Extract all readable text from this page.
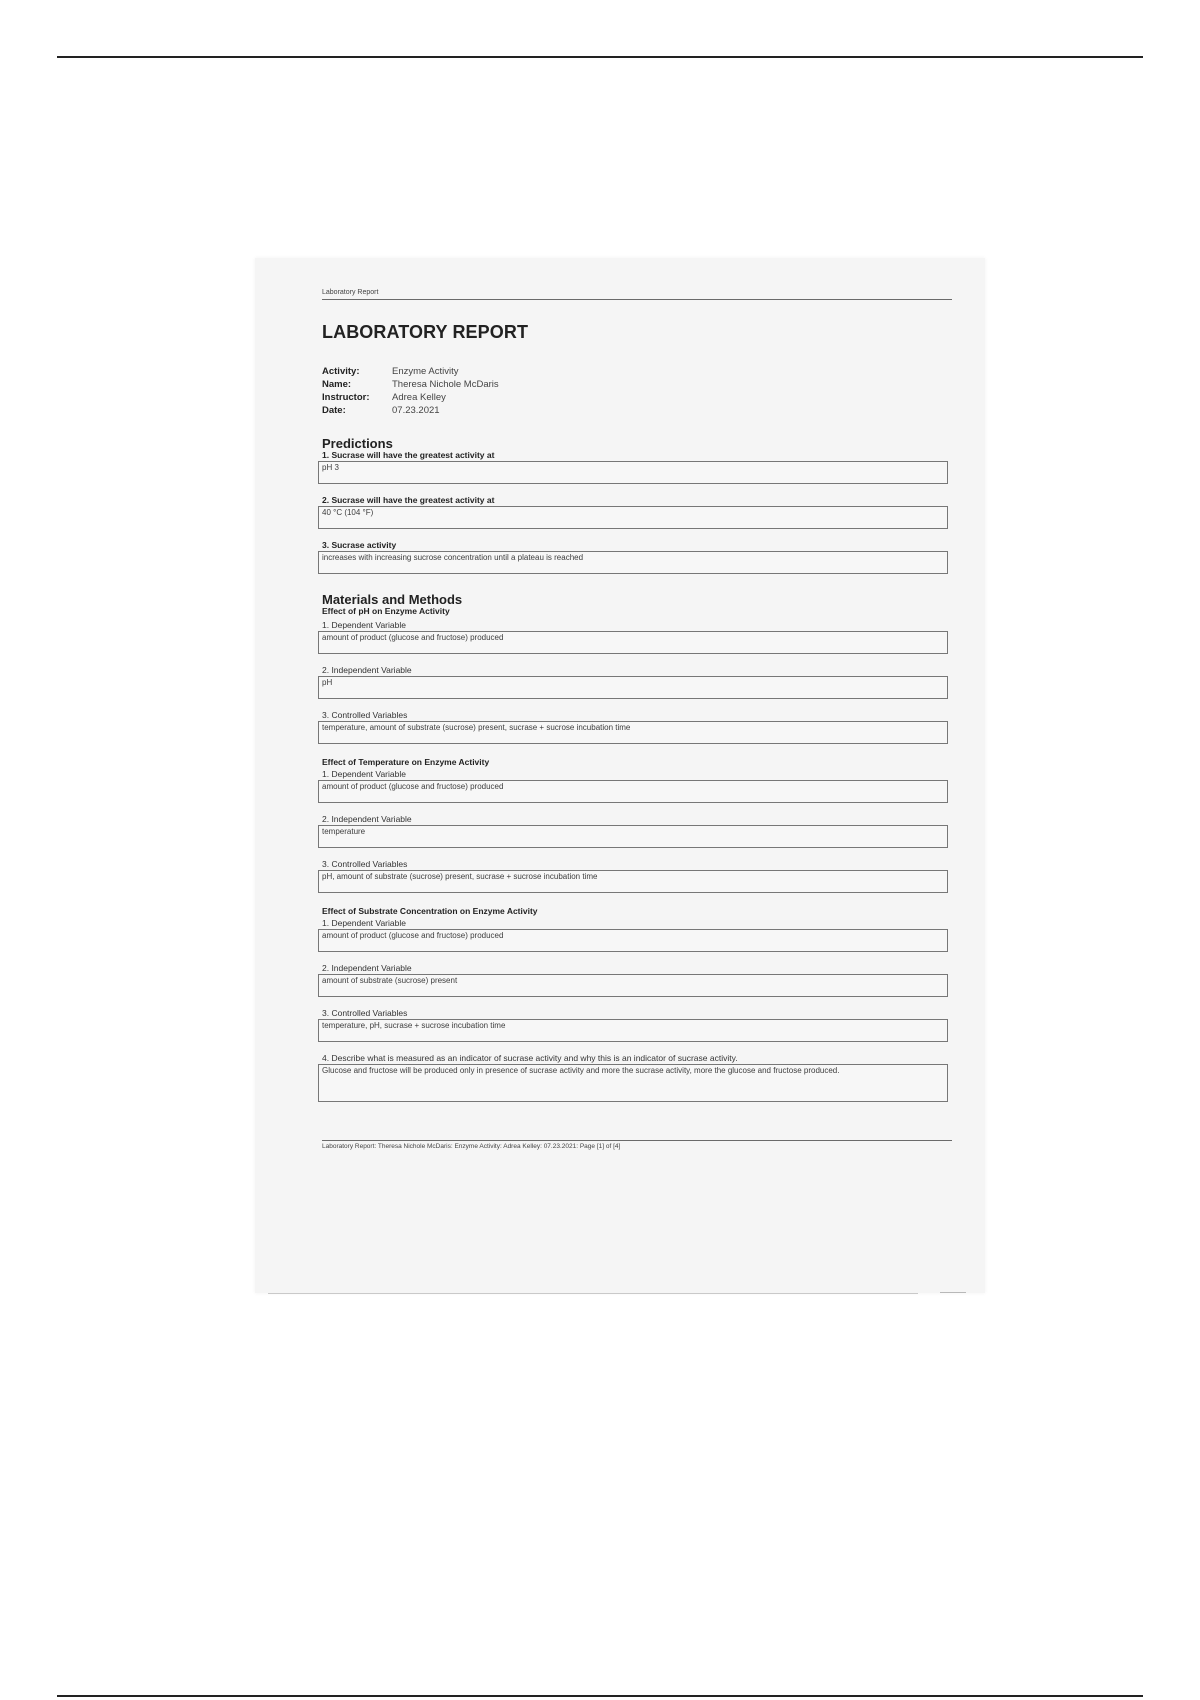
Laboratory Report
LABORATORY REPORT
Activity:	Enzyme Activity
Name:	Theresa Nichole McDaris
Instructor:	Adrea Kelley
Date:	07.23.2021
Predictions
1. Sucrase will have the greatest activity at
pH 3
2. Sucrase will have the greatest activity at
40 °C (104 °F)
3. Sucrase activity
increases with increasing sucrose concentration until a plateau is reached
Materials and Methods
Effect of pH on Enzyme Activity
1. Dependent Variable
amount of product (glucose and fructose) produced
2. Independent Variable
pH
3. Controlled Variables
temperature, amount of substrate (sucrose) present, sucrase + sucrose incubation time
Effect of Temperature on Enzyme Activity
1. Dependent Variable
amount of product (glucose and fructose) produced
2. Independent Variable
temperature
3. Controlled Variables
pH, amount of substrate (sucrose) present, sucrase + sucrose incubation time
Effect of Substrate Concentration on Enzyme Activity
1. Dependent Variable
amount of product (glucose and fructose) produced
2. Independent Variable
amount of substrate (sucrose) present
3. Controlled Variables
temperature, pH, sucrase + sucrose incubation time
4. Describe what is measured as an indicator of sucrase activity and why this is an indicator of sucrase activity.
Glucose and fructose will be produced only in presence of sucrase activity and more the sucrase activity, more the glucose and fructose produced.
Laboratory Report: Theresa Nichole McDaris: Enzyme Activity: Adrea Kelley: 07.23.2021: Page [1] of [4]
